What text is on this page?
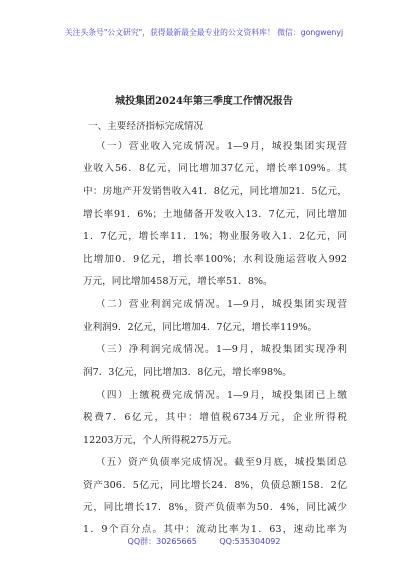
关注头条号"公文研究"，获得最新最全最专业的公文资料库！ 微信：gongwenyj
城投集团2024年第三季度工作情况报告
一、主要经济指标完成情况
（一）营业收入完成情况。1—9月，城投集团实现营
业收入56．8亿元，同比增加37亿元，增长率109%。其
中：房地产开发销售收入41．8亿元，同比增加21．5亿元，
增长率91．6%；土地储备开发收入13．7亿元，同比增加
1．7亿元，增长率11．1%；物业服务收入1．2亿元，同
比增加0．9亿元，增长率100%；水利设施运营收入992
万元，同比增加458万元，增长率51．8%。
（二）营业利润完成情况。1—9月，城投集团实现营
业利润9．2亿元，同比增加4．7亿元，增长率119%。
（三）净利润完成情况。1—9月，城投集团实现净利
润7．3亿元，同比增加3．8亿元，增长率98%。
（四）上缴税费完成情况。1—9月，城投集团已上缴
税费7．6亿元，其中：增值税6734万元，企业所得税
12203万元，个人所得税275万元。
（五）资产负债率完成情况。截至9月底，城投集团总
资产306．5亿元，同比增长24．8%，负债总额158．2亿
元，同比增长17．8%，资产负债率为50．4%，同比减少
1．9个百分点。其中：流动比率为1．63，速动比率为
QQ群：30265665	QQ:535304092
